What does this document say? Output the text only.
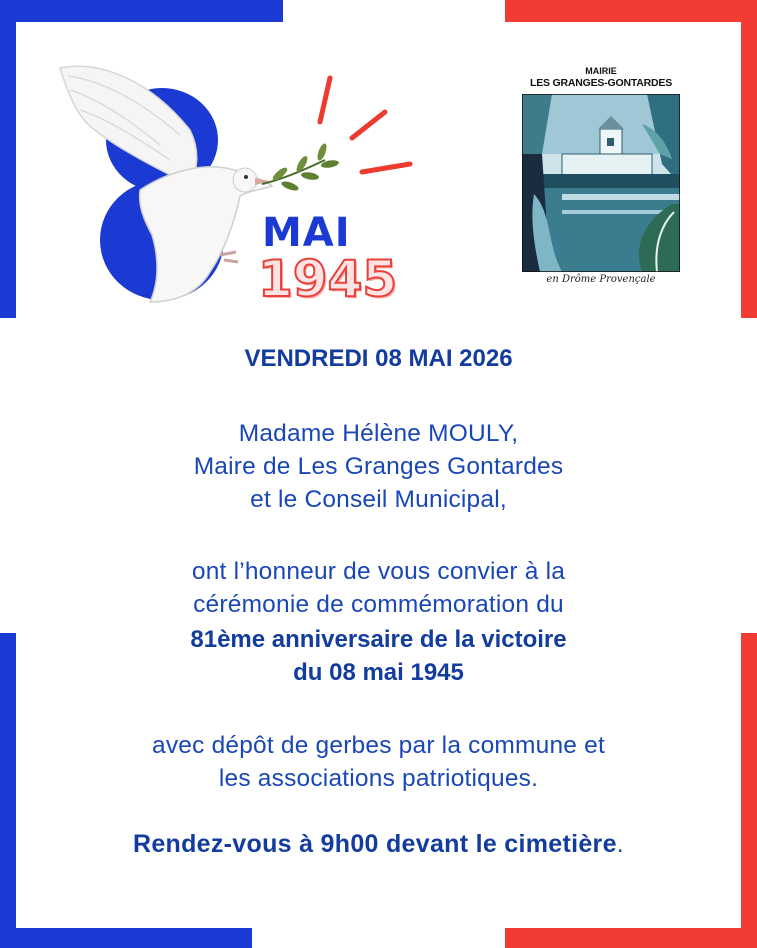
MAI
1945
MAIRIE
LES GRANGES-GONTARDES
en Drôme Provençale

VENDREDI 08 MAI 2026

Madame Hélène MOULY,
Maire de Les Granges Gontardes
et le Conseil Municipal,

ont l’honneur de vous convier à la
cérémonie de commémoration du

81ème anniversaire de la victoire
du 08 mai 1945

avec dépôt de gerbes par la commune et
les associations patriotiques.

Rendez-vous à 9h00 devant le cimetière.
